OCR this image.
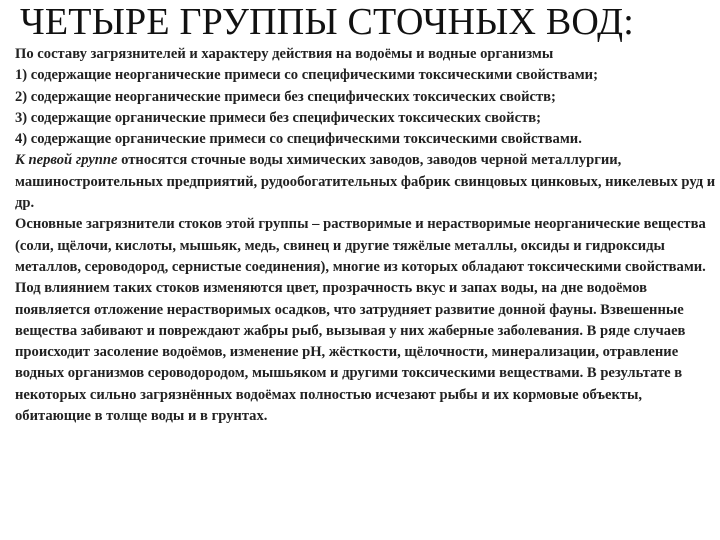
ЧЕТЫРЕ ГРУППЫ СТОЧНЫХ ВОД:

По составу загрязнителей и характеру действия на водоёмы и водные организмы

1) содержащие неорганические примеси со специфическими токсическими свойствами;

2) содержащие неорганические примеси без специфических токсических свойств;

3) содержащие органические примеси без специфических токсических свойств;

4) содержащие органические примеси со специфическими токсическими свойствами.

К первой группе относятся сточные воды химических заводов, заводов черной металлургии, машиностроительных предприятий, рудообогатительных фабрик свинцовых цинковых, никелевых руд и др.

Основные загрязнители стоков этой группы – растворимые и нерастворимые неорганические вещества (соли, щёлочи, кислоты, мышьяк, медь, свинец и другие тяжёлые металлы, оксиды и гидроксиды металлов, сероводород, сернистые соединения), многие из которых обладают токсическими свойствами.

Под влиянием таких стоков изменяются цвет, прозрачность вкус и запах воды, на дне водоёмов появляется отложение нерастворимых осадков, что затрудняет развитие донной фауны. Взвешенные вещества забивают и повреждают жабры рыб, вызывая у них жаберные заболевания. В ряде случаев происходит засоление водоёмов, изменение pH, жёсткости, щёлочности, минерализации, отравление водных организмов сероводородом, мышьяком и другими токсическими веществами. В результате в некоторых сильно загрязнённых водоёмах полностью исчезают рыбы и их кормовые объекты, обитающие в толще воды и в грунтах.
